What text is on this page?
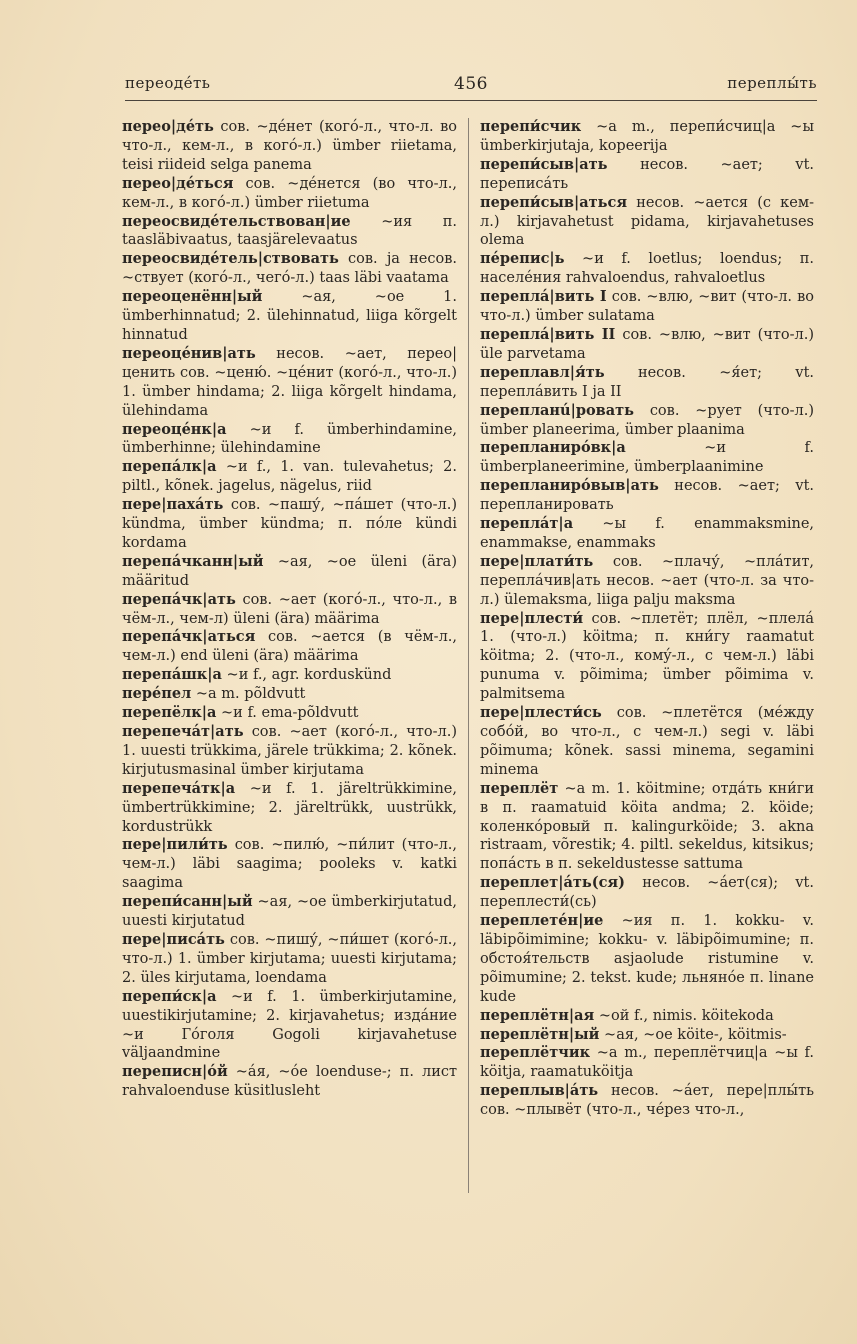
переодéть	456	переплы́ть
перео|дéть сов. ~дéнет (когó-л., что-л. во что-л., кем-л., в когó-л.) ümber riietama, teisi riideid selga panema
перео|дéться сов. ~дéнется (во что-л., кем-л., в когó-л.) ümber riietuma
переосвидéтельствован|ие ~ия п. taasläbivaatus, taasjärelevaatus
переосвидéтель|ствовать сов. ja несов. ~ствует (когó-л., чегó-л.) taas läbi vaatama
переоценённ|ый	~ая, ~ое 1. ümberhinnatud; 2. ülehinnatud, liiga kõrgelt hinnatud
переоцéнив|ать несов. ~ает, перео|ценить сов. ~ценю́. ~цéнит (когó-л., что-л.) 1. ümber hindama; 2. liiga kõrgelt hindama, ülehindama
переоцéнк|а ~и f. ümberhindamine, ümberhinne; ülehindamine
перепáлк|а ~и f., 1. van. tulevahetus; 2. piltl., kõnek. jagelus, nägelus, riid
пере|пахáть сов. ~пашу́, ~пáшет (что-л.) kündma, ümber kündma; п. пóле kündi kordama
перепáчканн|ый ~ая, ~ое üleni (ära) määritud
перепáчк|ать сов. ~ает (когó-л., что-л., в чём-л., чем-л) üleni (ära) määrima
перепáчк|аться сов. ~ается (в чём-л., чем-л.) end üleni (ära) määrima
перепáшк|а ~и f., agr. korduskünd
перéпел ~а m. põldvutt
перепёлк|а ~и f. ema-põldvutt
перепечáт|ать сов. ~ает (когó-л., что-л.) 1. uuesti trükkima, järele trükkima; 2. kõnek. kirjutusmasinal ümber kirjutama
перепечáтк|а ~и f. 1. järeltrükkimine, ümbertrükkimine; 2. järeltrükk, uustrükk, kordustrükk
пере|пили́ть сов. ~пилю́, ~пи́лит (что-л., чем-л.) läbi saagima; pooleks v. katki saagima
перепи́санн|ый ~ая, ~ое ümberkirjutatud, uuesti kirjutatud
пере|писáть сов. ~пишу́, ~пи́шет (когó-л., что-л.) 1. ümber kirjutama; uuesti kirjutama; 2. üles kirjutama, loendama
перепи́ск|а ~и f. 1. ümberkirjutamine, uuestikirjutamine; 2. kirjavahetus; издáние ~и Гóголя Gogoli kirjavahetuse väljaandmine
переписн|óй ~áя, ~óе loenduse-; п. лист rahvaloenduse küsitlusleht
перепи́счик ~а m., перепи́счиц|а ~ы ümberkirjutaja, kopeerija
перепи́сыв|ать несов. ~ает; vt. переписáть
перепи́сыв|аться несов. ~ается (с кем-л.) kirjavahetust pidama, kirjavahetuses olema
пéрепис|ь ~и f. loetlus; loendus; п. населéния rahvaloendus, rahvaloetlus
переплá|вить I сов. ~влю, ~вит (что-л. во что-л.) ümber sulatama
переплá|вить II сов. ~влю, ~вит (что-л.) üle parvetama
переплавл|я́ть несов. ~я́ет; vt. переплáвить I ja II
перепланú|ровать сов. ~рует (что-л.) ümber planeerima, ümber plaanima
перепланирóвк|а	~и f. ümberplaneerimine, ümberplaanimine
перепланирóвыв|ать несов. ~ает; vt. перепланировать
переплáт|а ~ы f. enammaksmine, enammakse, enammaks
пере|плати́ть сов. ~плачу́, ~плáтит, переплáчив|ать несов. ~ает (что-л. за что-л.) ülemaksma, liiga palju maksma
пере|плести́ сов. ~плетёт; плёл, ~плелá 1. (что-л.) köitma; п. кни́гу raamatut köitma; 2. (что-л., комý-л., с чем-л.) läbi punuma v. põimima; ümber põimima v. palmitsema
пере|плести́сь сов. ~плетётся (мéжду собóй, во что-л., с чем-л.) segi v. läbi põimuma; kõnek. sassi minema, segamini minema
переплёт ~а m. 1. köitmine; отдáть кни́ги в п. raamatuid köita andma; 2. köide; коленкóровый п. kalingurköide; 3. akna ristraam, võrestik; 4. piltl. sekeldus, kitsikus; попáсть в п. sekeldustesse sattuma
переплет|áть(ся) несов. ~áет(ся); vt. переплести́(сь)
переплетéн|ие ~ия п. 1. kokku- v. läbipõimimine; kokku- v. läbipõimumine; п. обстоя́тельств asjaolude ristumine v. põimumine; 2. tekst. kude; льнянóе п. linane kude
переплётн|ая ~ой f., nimis. köitekoda
переплётн|ый ~ая, ~ое köite-, köitmis-
переплётчик ~а m., переплётчиц|а ~ы f. köitja, raamatuköitja
переплыв|áть несов. ~áет, пере|плы́ть сов. ~плывёт (что-л., чéрез что-л.,
